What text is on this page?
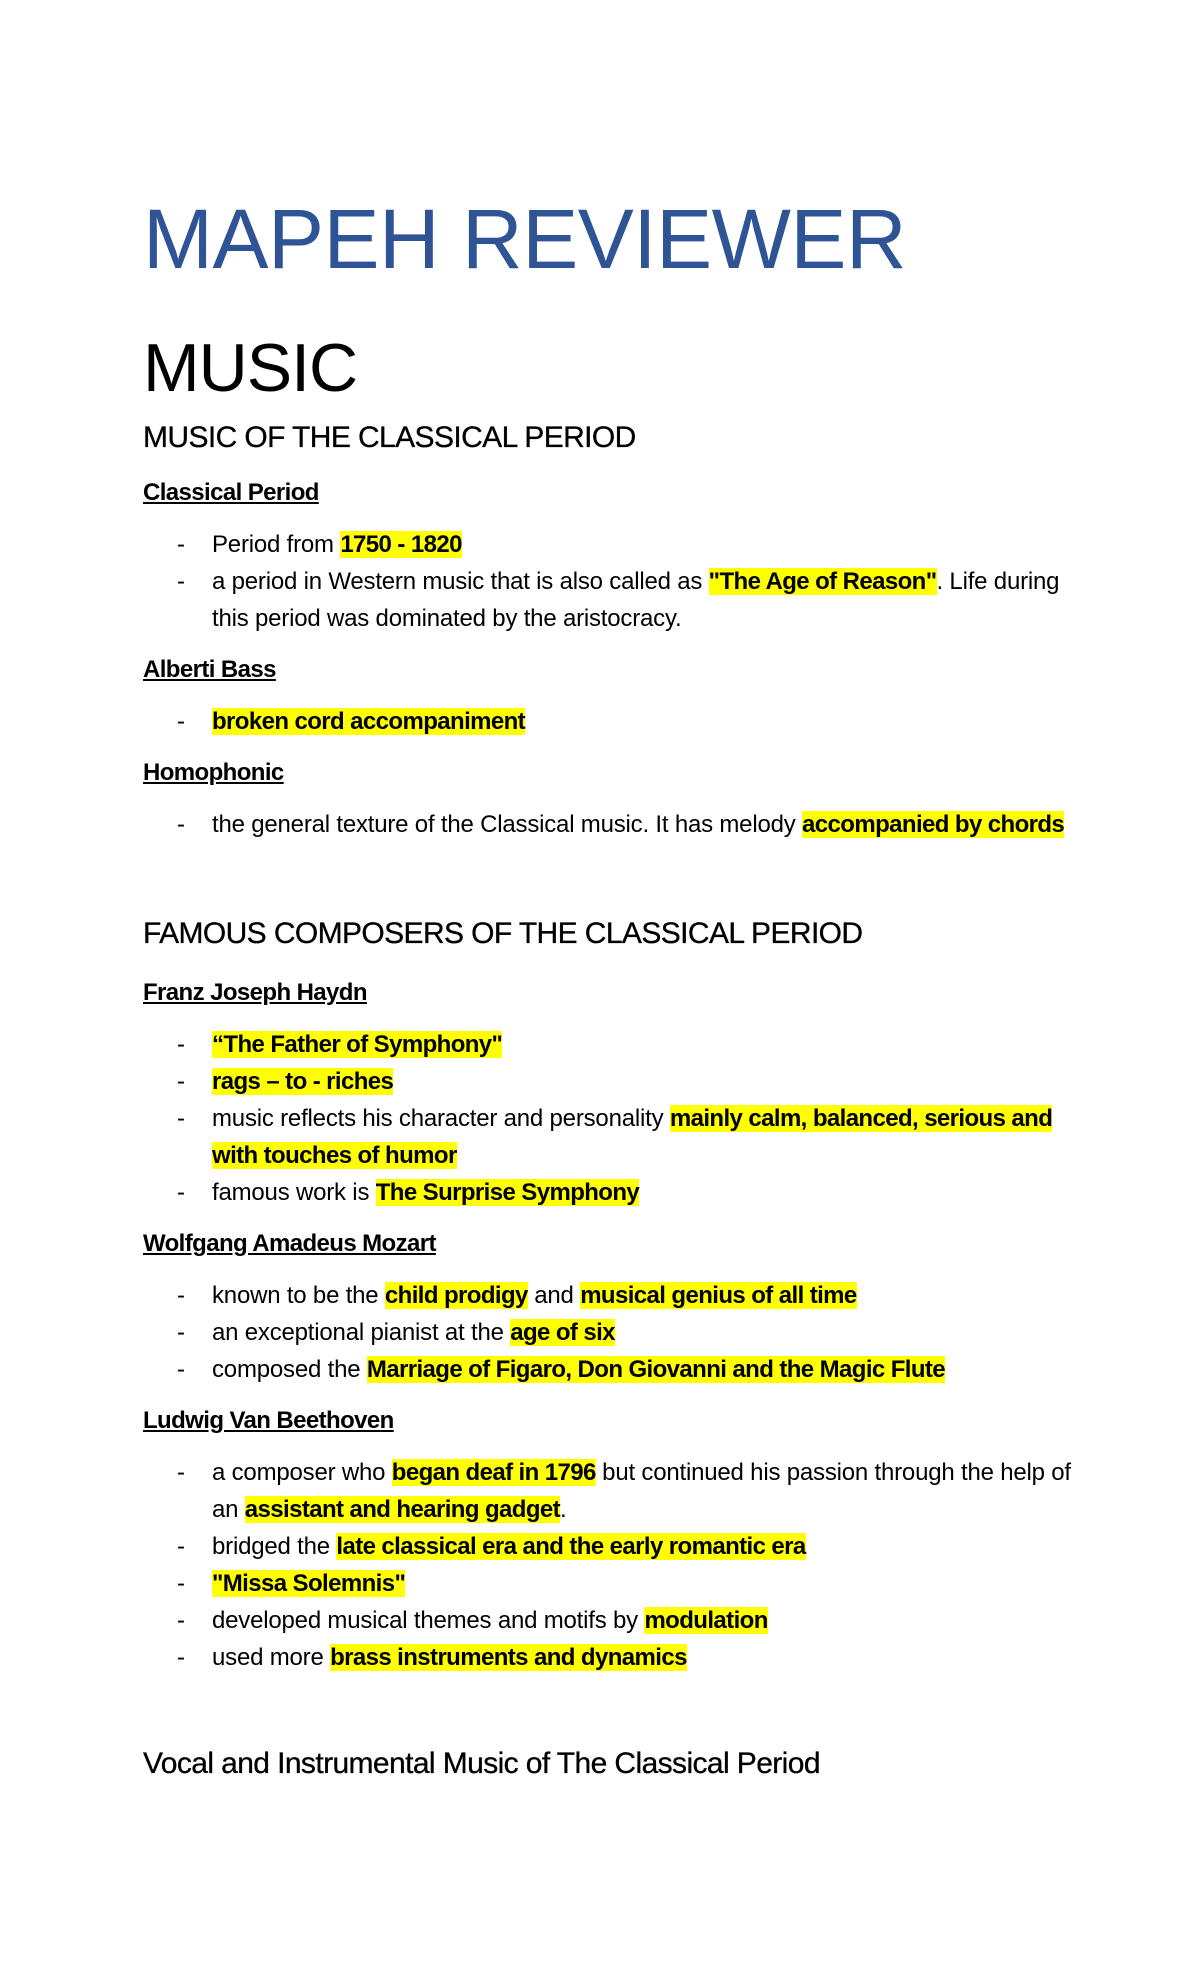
MAPEH REVIEWER
MUSIC
MUSIC OF THE CLASSICAL PERIOD
Classical Period
- Period from 1750 - 1820
- a period in Western music that is also called as "The Age of Reason". Life during this period was dominated by the aristocracy.
Alberti Bass
- broken cord accompaniment
Homophonic
- the general texture of the Classical music. It has melody accompanied by chords
FAMOUS COMPOSERS OF THE CLASSICAL PERIOD
Franz Joseph Haydn
- “The Father of Symphony"
- rags – to - riches
- music reflects his character and personality mainly calm, balanced, serious and with touches of humor
- famous work is The Surprise Symphony
Wolfgang Amadeus Mozart
- known to be the child prodigy and musical genius of all time
- an exceptional pianist at the age of six
- composed the Marriage of Figaro, Don Giovanni and the Magic Flute
Ludwig Van Beethoven
- a composer who began deaf in 1796 but continued his passion through the help of an assistant and hearing gadget.
- bridged the late classical era and the early romantic era
- "Missa Solemnis"
- developed musical themes and motifs by modulation
- used more brass instruments and dynamics
Vocal and Instrumental Music of The Classical Period
